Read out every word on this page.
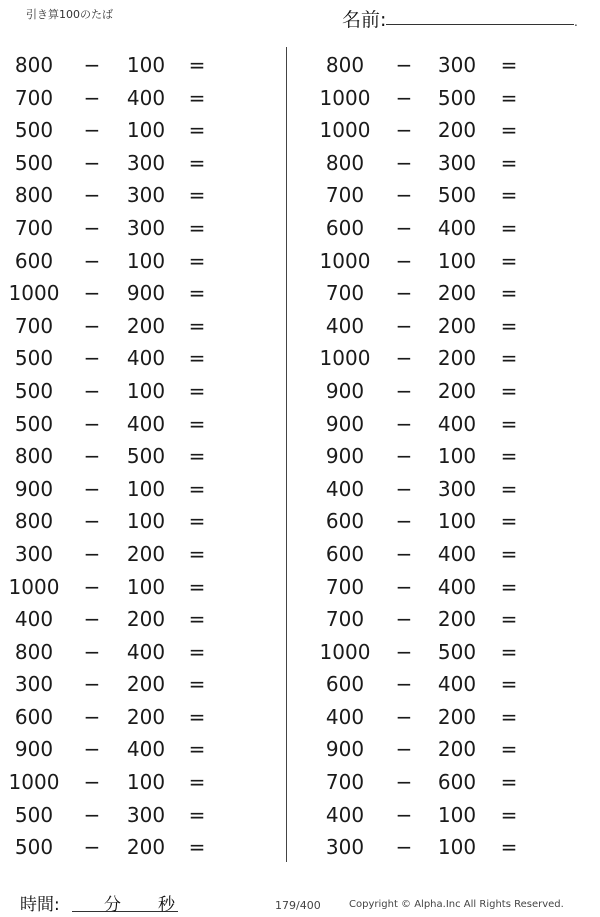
引き算100のたば	名前:	.
800	−	100	=
700	−	400	=
500	−	100	=
500	−	300	=
800	−	300	=
700	−	300	=
600	−	100	=
1000 −	900	=
700	−	200	=
500	−	400	=
500	−	100	=
500	−	400	=
800	−	500	=
900	−	100	=
800	−	100	=
300	−	200	=
1000 −	100	=
400	−	200	=
800	−	400	=
300	−	200	=
600	−	200	=
900	−	400	=
1000 −	100	=
500	−	300	=
500	−	200	=
800	−	300	=
1000 −	500	=
1000 −	200	=
800	−	300	=
700	−	500	=
600	−	400	=
1000 −	100	=
700	−	200	=
400	−	200	=
1000 −	200	=
900	−	200	=
900	−	400	=
900	−	100	=
400	−	300	=
600	−	100	=
600	−	400	=
700	−	400	=
700	−	200	=
1000 −	500	=
600	−	400	=
400	−	200	=
900	−	200	=
700	−	600	=
400	−	100	=
300	−	100	=
時間:	分 秒	179/400	Copyright © Alpha.Inc All Rights Reserved.
